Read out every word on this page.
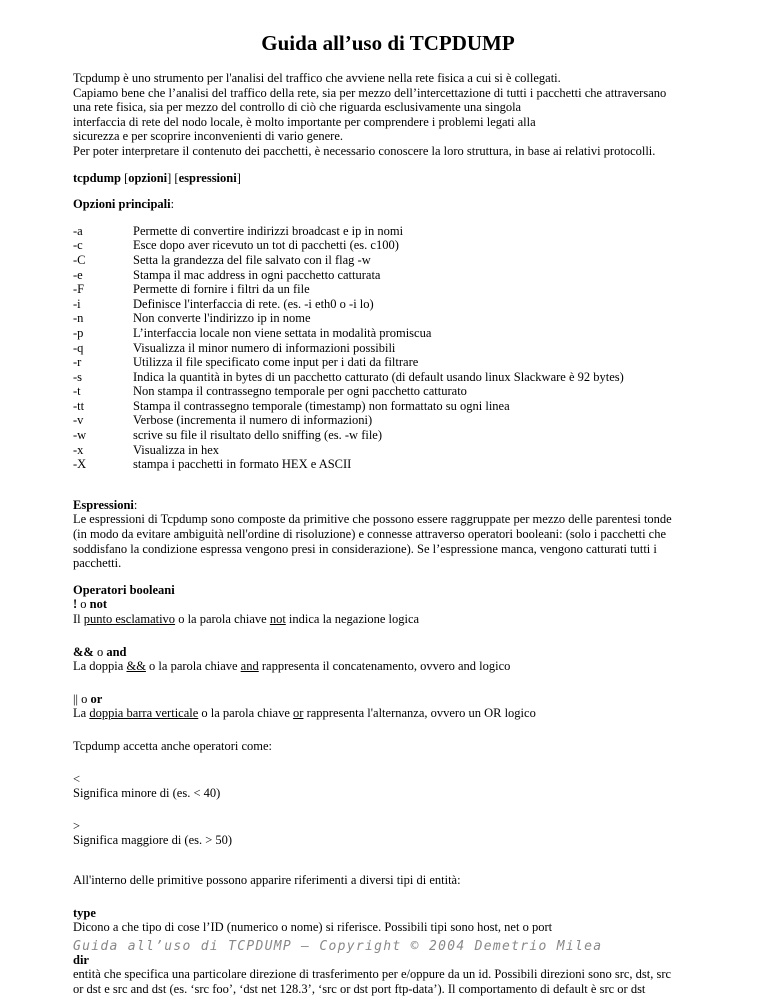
Guida all’uso di TCPDUMP
Tcpdump è uno strumento per l'analisi del traffico che avviene nella rete fisica a cui si è collegati.
Capiamo bene che l’analisi del traffico della rete, sia per mezzo dell’intercettazione di tutti i pacchetti che attraversano
una rete fisica, sia per mezzo del controllo di ciò che riguarda esclusivamente una singola
interfaccia di rete del nodo locale, è molto importante per comprendere i problemi legati alla
sicurezza e per scoprire inconvenienti di vario genere.
Per poter interpretare il contenuto dei pacchetti, è necessario conoscere la loro struttura, in base ai relativi protocolli.

tcpdump [opzioni] [espressioni]

Opzioni principali:

-a	Permette di convertire indirizzi broadcast e ip in nomi
-c	Esce dopo aver ricevuto un tot di pacchetti (es. c100)
-C	Setta la grandezza del file salvato con il flag -w
-e	Stampa il mac address in ogni pacchetto catturata
-F	Permette di fornire i filtri da un file
-i	Definisce l'interfaccia di rete. (es. -i eth0 o -i lo)
-n	Non converte l'indirizzo ip in nome
-p	L’interfaccia locale non viene settata in modalità promiscua
-q	Visualizza il minor numero di informazioni possibili
-r	Utilizza il file specificato come input per i dati da filtrare
-s	Indica la quantità in bytes di un pacchetto catturato (di default usando linux Slackware è 92 bytes)
-t	Non stampa il contrassegno temporale per ogni pacchetto catturato
-tt	Stampa il contrassegno temporale (timestamp) non formattato su ogni linea
-v	Verbose (incrementa il numero di informazioni)
-w	scrive su file il risultato dello sniffing (es. -w file)
-x	Visualizza in hex
-X	stampa i pacchetti in formato HEX e ASCII

Espressioni:

Le espressioni di Tcpdump sono composte da primitive che possono essere raggruppate per mezzo delle parentesi tonde
(in modo da evitare ambiguità nell'ordine di risoluzione) e connesse attraverso operatori booleani: (solo i pacchetti che
soddisfano la condizione espressa vengono presi in considerazione). Se l’espressione manca, vengono catturati tutti i
pacchetti.

Operatori booleani

! o not
Il punto esclamativo o la parola chiave not indica la negazione logica
&& o and
La doppia && o la parola chiave and rappresenta il concatenamento, ovvero and logico
|| o or
La doppia barra verticale o la parola chiave or rappresenta l'alternanza, ovvero un OR logico

Tcpdump accetta anche operatori come:

<
Significa minore di (es. < 40)
>
Significa maggiore di (es. > 50)

All'interno delle primitive possono apparire riferimenti a diversi tipi di entità:

type
Dicono a che tipo di cose l’ID (numerico o nome) si riferisce. Possibili tipi sono host, net o port
dir
entità che specifica una particolare direzione di trasferimento per e/oppure da un id. Possibili direzioni sono src, dst, src
or dst e src and dst (es. ‘src foo’, ‘dst net 128.3’, ‘src or dst port ftp-data’). Il comportamento di default è src or dst
Guida all’uso di TCPDUMP – Copyright © 2004 Demetrio Milea
